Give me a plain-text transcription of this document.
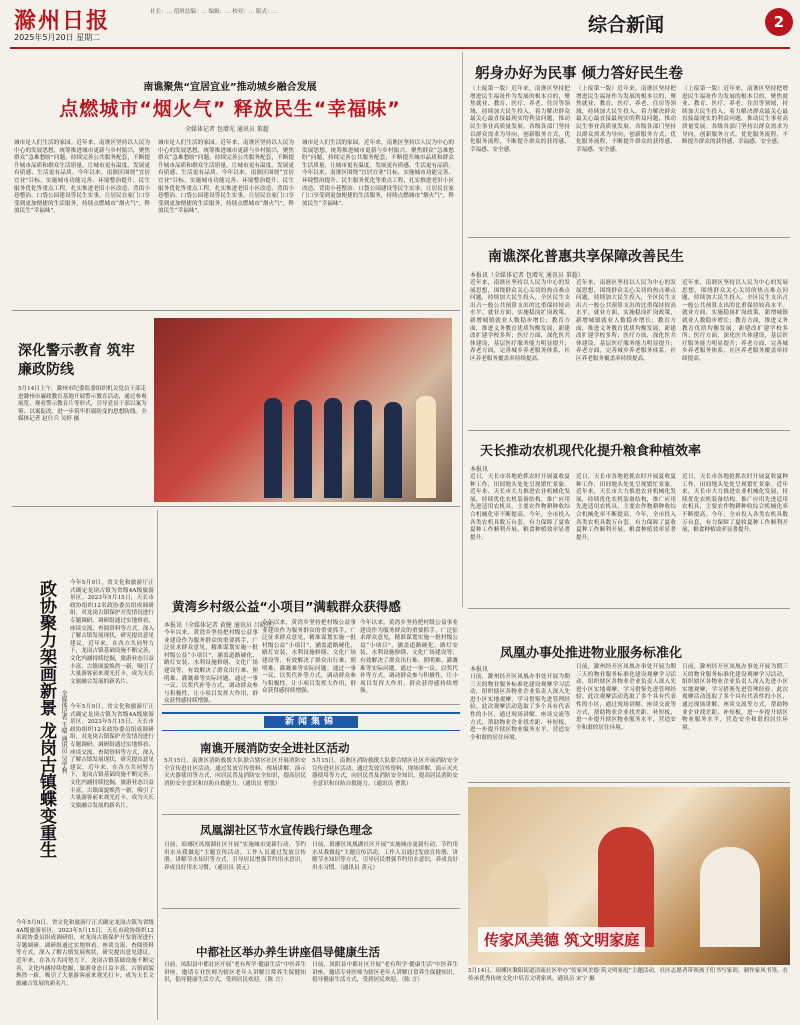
滁州日报
2025年5月20日 星期二
社长：… 值班总编：… 编辑：… 校对：… 版式：…
综合新闻	2
南谯聚焦“宜居宜业”推动城乡融合发展
点燃城市“烟火气” 释放民生“幸福味”
全媒体记者 包增光 通讯员 董超
城市是人们生活的家园。近年来，南谯区坚持以人民为中心的发展思想，统筹推进城市更新与乡村振兴，聚焦群众“急难愁盼”问题，持续完善公共服务配套，不断提升城市品质和群众生活质量，让城市更有温度、发展更有质感、生活更有品质。今年以来，南谯区围绕“宜居宜业”目标，实施城市功能完善、环境整治提升、民生服务优化等重点工程，扎实推进老旧小区改造、背街小巷整治、口袋公园建设等民生实事，让居民在家门口享受到更加便捷的生活服务，持续点燃城市“烟火气”，释放民生“幸福味”。
城市是人们生活的家园。近年来，南谯区坚持以人民为中心的发展思想，统筹推进城市更新与乡村振兴，聚焦群众“急难愁盼”问题，持续完善公共服务配套，不断提升城市品质和群众生活质量，让城市更有温度、发展更有质感、生活更有品质。今年以来，南谯区围绕“宜居宜业”目标，实施城市功能完善、环境整治提升、民生服务优化等重点工程，扎实推进老旧小区改造、背街小巷整治、口袋公园建设等民生实事，让居民在家门口享受到更加便捷的生活服务，持续点燃城市“烟火气”，释放民生“幸福味”。
城市是人们生活的家园。近年来，南谯区坚持以人民为中心的发展思想，统筹推进城市更新与乡村振兴，聚焦群众“急难愁盼”问题，持续完善公共服务配套，不断提升城市品质和群众生活质量，让城市更有温度、发展更有质感、生活更有品质。今年以来，南谯区围绕“宜居宜业”目标，实施城市功能完善、环境整治提升、民生服务优化等重点工程，扎实推进老旧小区改造、背街小巷整治、口袋公园建设等民生实事，让居民在家门口享受到更加便捷的生活服务，持续点燃城市“烟火气”，释放民生“幸福味”。
躬身办好为民事 倾力答好民生卷
（上接第一版）近年来，南谯区坚持把增进民生福祉作为发展的根本目的，聚焦就业、教育、医疗、养老、住房等领域，持续加大民生投入，着力解决群众最关心最直接最现实的利益问题，推动民生事业高质量发展。各级各部门坚持以群众需求为导向，创新服务方式，优化服务流程，不断提升群众的获得感、幸福感、安全感。
（上接第一版）近年来，南谯区坚持把增进民生福祉作为发展的根本目的，聚焦就业、教育、医疗、养老、住房等领域，持续加大民生投入，着力解决群众最关心最直接最现实的利益问题，推动民生事业高质量发展。各级各部门坚持以群众需求为导向，创新服务方式，优化服务流程，不断提升群众的获得感、幸福感、安全感。
（上接第一版）近年来，南谯区坚持把增进民生福祉作为发展的根本目的，聚焦就业、教育、医疗、养老、住房等领域，持续加大民生投入，着力解决群众最关心最直接最现实的利益问题，推动民生事业高质量发展。各级各部门坚持以群众需求为导向，创新服务方式，优化服务流程，不断提升群众的获得感、幸福感、安全感。
南谯深化普惠共享保障改善民生
本报讯（全媒体记者 包增光 通讯员 董超）
近年来，南谯区坚持以人民为中心的发展思想，围绕群众关心关切的热点难点问题，持续加大民生投入，全区民生支出占一般公共预算支出的比重保持较高水平。就业方面，实施稳岗扩岗政策，新增城镇就业人数稳步增长；教育方面，推进义务教育优质均衡发展，新建改扩建学校多所；医疗方面，深化医共体建设，基层医疗服务能力明显提升；养老方面，完善城乡养老服务体系，社区养老服务覆盖率持续提高。
近年来，南谯区坚持以人民为中心的发展思想，围绕群众关心关切的热点难点问题，持续加大民生投入，全区民生支出占一般公共预算支出的比重保持较高水平。就业方面，实施稳岗扩岗政策，新增城镇就业人数稳步增长；教育方面，推进义务教育优质均衡发展，新建改扩建学校多所；医疗方面，深化医共体建设，基层医疗服务能力明显提升；养老方面，完善城乡养老服务体系，社区养老服务覆盖率持续提高。
近年来，南谯区坚持以人民为中心的发展思想，围绕群众关心关切的热点难点问题，持续加大民生投入，全区民生支出占一般公共预算支出的比重保持较高水平。就业方面，实施稳岗扩岗政策，新增城镇就业人数稳步增长；教育方面，推进义务教育优质均衡发展，新建改扩建学校多所；医疗方面，深化医共体建设，基层医疗服务能力明显提升；养老方面，完善城乡养老服务体系，社区养老服务覆盖率持续提高。
天长推动农机现代化提升粮食种植效率
本报讯
近日，天长市各地抢抓农时开展夏收夏种工作，田间地头处处呈现繁忙景象。近年来，天长市大力推进农业机械化发展，持续优化农机装备结构，推广应用先进适用农机具，主要农作物耕种收综合机械化率不断提高。今年，全市投入各类农机具数万台套，有力保障了夏收夏种工作顺利开展，粮食种植效率显著提升。
近日，天长市各地抢抓农时开展夏收夏种工作，田间地头处处呈现繁忙景象。近年来，天长市大力推进农业机械化发展，持续优化农机装备结构，推广应用先进适用农机具，主要农作物耕种收综合机械化率不断提高。今年，全市投入各类农机具数万台套，有力保障了夏收夏种工作顺利开展，粮食种植效率显著提升。
近日，天长市各地抢抓农时开展夏收夏种工作，田间地头处处呈现繁忙景象。近年来，天长市大力推进农业机械化发展，持续优化农机装备结构，推广应用先进适用农机具，主要农作物耕种收综合机械化率不断提高。今年，全市投入各类农机具数万台套，有力保障了夏收夏种工作顺利开展，粮食种植效率显著提升。
深化警示教育 筑牢廉政防线
5月14日上午，滁州市纪委监委组织机关党员干部走进滁州市廉政教育基地开展警示教育活动，通过参观展览、观看警示教育片等形式，引导党员干部以案为鉴、以案促改，进一步筑牢拒腐防变的思想防线。全媒体记者 赵仕兵 吴婷 摄
政协聚力架画新景 龙岗古镇蝶变重生 全媒体记者 王晴 通讯员 吴宇利
今年5月9日，省文化和旅游厅正式确定龙岗古镇为省级4A级旅游景区。2023年5月15日，天长市政协组织12名政协委员组成调研组，对龙岗古镇保护开发情况进行专题调研。调研组通过实地察看、座谈交流、查阅资料等方式，深入了解古镇发展现状，研究提出意见建议。近年来，在各方共同努力下，龙岗古镇基础设施不断完善，文化内涵持续挖掘，旅游业态日益丰富，古镇面貌焕然一新，吸引了大量游客前来观光打卡，成为天长文旅融合发展的新名片。
今年5月9日，省文化和旅游厅正式确定龙岗古镇为省级4A级旅游景区。2023年5月15日，天长市政协组织12名政协委员组成调研组，对龙岗古镇保护开发情况进行专题调研。调研组通过实地察看、座谈交流、查阅资料等方式，深入了解古镇发展现状，研究提出意见建议。近年来，在各方共同努力下，龙岗古镇基础设施不断完善，文化内涵持续挖掘，旅游业态日益丰富，古镇面貌焕然一新，吸引了大量游客前来观光打卡，成为天长文旅融合发展的新名片。
今年5月9日，省文化和旅游厅正式确定龙岗古镇为省级4A级旅游景区。2023年5月15日，天长市政协组织12名政协委员组成调研组，对龙岗古镇保护开发情况进行专题调研。调研组通过实地察看、座谈交流、查阅资料等方式，深入了解古镇发展现状，研究提出意见建议。近年来，在各方共同努力下，龙岗古镇基础设施不断完善，文化内涵持续挖掘，旅游业态日益丰富，古镇面貌焕然一新，吸引了大量游客前来观光打卡，成为天长文旅融合发展的新名片。
黄湾乡村级公益“小项目”满载群众获得感
本报讯（全媒体记者 黄健 通讯员 吕晓亮）
今年以来，黄湾乡坚持把村级公益事业建设作为服务群众的重要抓手，广泛征求群众意见，精准谋划实施一批村级公益“小项目”，涵盖道路硬化、路灯安装、水利设施修缮、文化广场建设等，有效解决了群众出行难、照明难、灌溉难等实际问题。通过一事一议、以奖代补等方式，调动群众参与积极性，让小项目发挥大作用，群众获得感持续增强。
今年以来，黄湾乡坚持把村级公益事业建设作为服务群众的重要抓手，广泛征求群众意见，精准谋划实施一批村级公益“小项目”，涵盖道路硬化、路灯安装、水利设施修缮、文化广场建设等，有效解决了群众出行难、照明难、灌溉难等实际问题。通过一事一议、以奖代补等方式，调动群众参与积极性，让小项目发挥大作用，群众获得感持续增强。
今年以来，黄湾乡坚持把村级公益事业建设作为服务群众的重要抓手，广泛征求群众意见，精准谋划实施一批村级公益“小项目”，涵盖道路硬化、路灯安装、水利设施修缮、文化广场建设等，有效解决了群众出行难、照明难、灌溉难等实际问题。通过一事一议、以奖代补等方式，调动群众参与积极性，让小项目发挥大作用，群众获得感持续增强。
新闻集锦
南谯开展消防安全进社区活动
5月15日，南谯区消防救援大队联合辖区社区开展消防安全宣传进社区活动，通过发放宣传资料、现场讲解、演示灭火器使用等方式，向居民普及消防安全知识，提高居民消防安全意识和自防自救能力。（通讯员 曹凯）
5月15日，南谯区消防救援大队联合辖区社区开展消防安全宣传进社区活动，通过发放宣传资料、现场讲解、演示灭火器使用等方式，向居民普及消防安全知识，提高居民消防安全意识和自防自救能力。（通讯员 曹凯）
凤凰湖社区节水宣传践行绿色理念
日前，琅琊区凤凰湖社区开展“实施城市更新行动、节约用水从我做起”主题宣传活动，工作人员通过发放宣传册、讲解节水知识等方式，引导居民增强节约用水意识，养成良好用水习惯。（通讯员 黄元）
日前，琅琊区凤凰湖社区开展“实施城市更新行动、节约用水从我做起”主题宣传活动，工作人员通过发放宣传册、讲解节水知识等方式，引导居民增强节约用水意识，养成良好用水习惯。（通讯员 黄元）
中都社区举办养生讲座倡导健康生活
日前，凤阳县中都社区开展“老有所学·健康生活”中医养生讲座，邀请专业医师为辖区老年人讲解日常养生保健知识，倡导健康生活方式，受到居民欢迎。（陈 言）
日前，凤阳县中都社区开展“老有所学·健康生活”中医养生讲座，邀请专业医师为辖区老年人讲解日常养生保健知识，倡导健康生活方式，受到居民欢迎。（陈 言）
凤凰办事处推进物业服务标准化
本报讯
日前，滁州经开区凤凰办事处开展为期三天的物业服务标准化建设观摩学习活动，组织辖区各物业企业负责人深入先进小区实地观摩，学习借鉴先进管理经验。此次观摩活动选取了多个具有代表性的小区，通过现场讲解、座谈交流等方式，帮助物业企业找差距、补短板，进一步提升辖区物业服务水平，营造安全和谐的居住环境。
日前，滁州经开区凤凰办事处开展为期三天的物业服务标准化建设观摩学习活动，组织辖区各物业企业负责人深入先进小区实地观摩，学习借鉴先进管理经验。此次观摩活动选取了多个具有代表性的小区，通过现场讲解、座谈交流等方式，帮助物业企业找差距、补短板，进一步提升辖区物业服务水平，营造安全和谐的居住环境。
日前，滁州经开区凤凰办事处开展为期三天的物业服务标准化建设观摩学习活动，组织辖区各物业企业负责人深入先进小区实地观摩，学习借鉴先进管理经验。此次观摩活动选取了多个具有代表性的小区，通过现场讲解、座谈交流等方式，帮助物业企业找差距、补短板，进一步提升辖区物业服务水平，营造安全和谐的居住环境。
传家风美德 筑文明家庭
5月14日，琅琊区滁阳街道清流社区举办“传家风美德·筑文明家庭”主题活动，社区志愿者带领孩子们书写家训、制作家风书签，在传承优秀传统文化中培育文明家风。通讯员 宋宁 摄
